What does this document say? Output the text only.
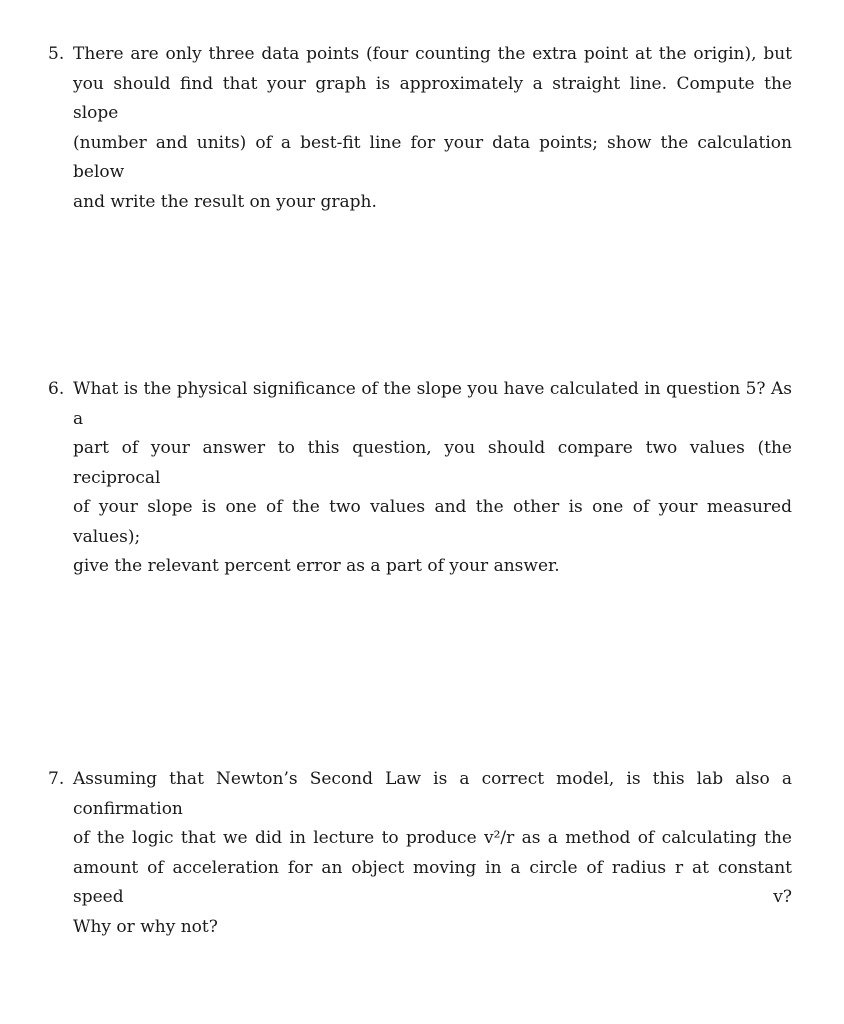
5. There are only three data points (four counting the extra point at the origin), but
you should find that your graph is approximately a straight line. Compute the slope
(number and units) of a best-fit line for your data points; show the calculation below
and write the result on your graph.
6. What is the physical significance of the slope you have calculated in question 5? As a
part of your answer to this question, you should compare two values (the reciprocal
of your slope is one of the two values and the other is one of your measured values);
give the relevant percent error as a part of your answer.
7. Assuming that Newton’s Second Law is a correct model, is this lab also a confirmation
of the logic that we did in lecture to produce v²/r as a method of calculating the
amount of acceleration for an object moving in a circle of radius r at constant speed v?
Why or why not?
